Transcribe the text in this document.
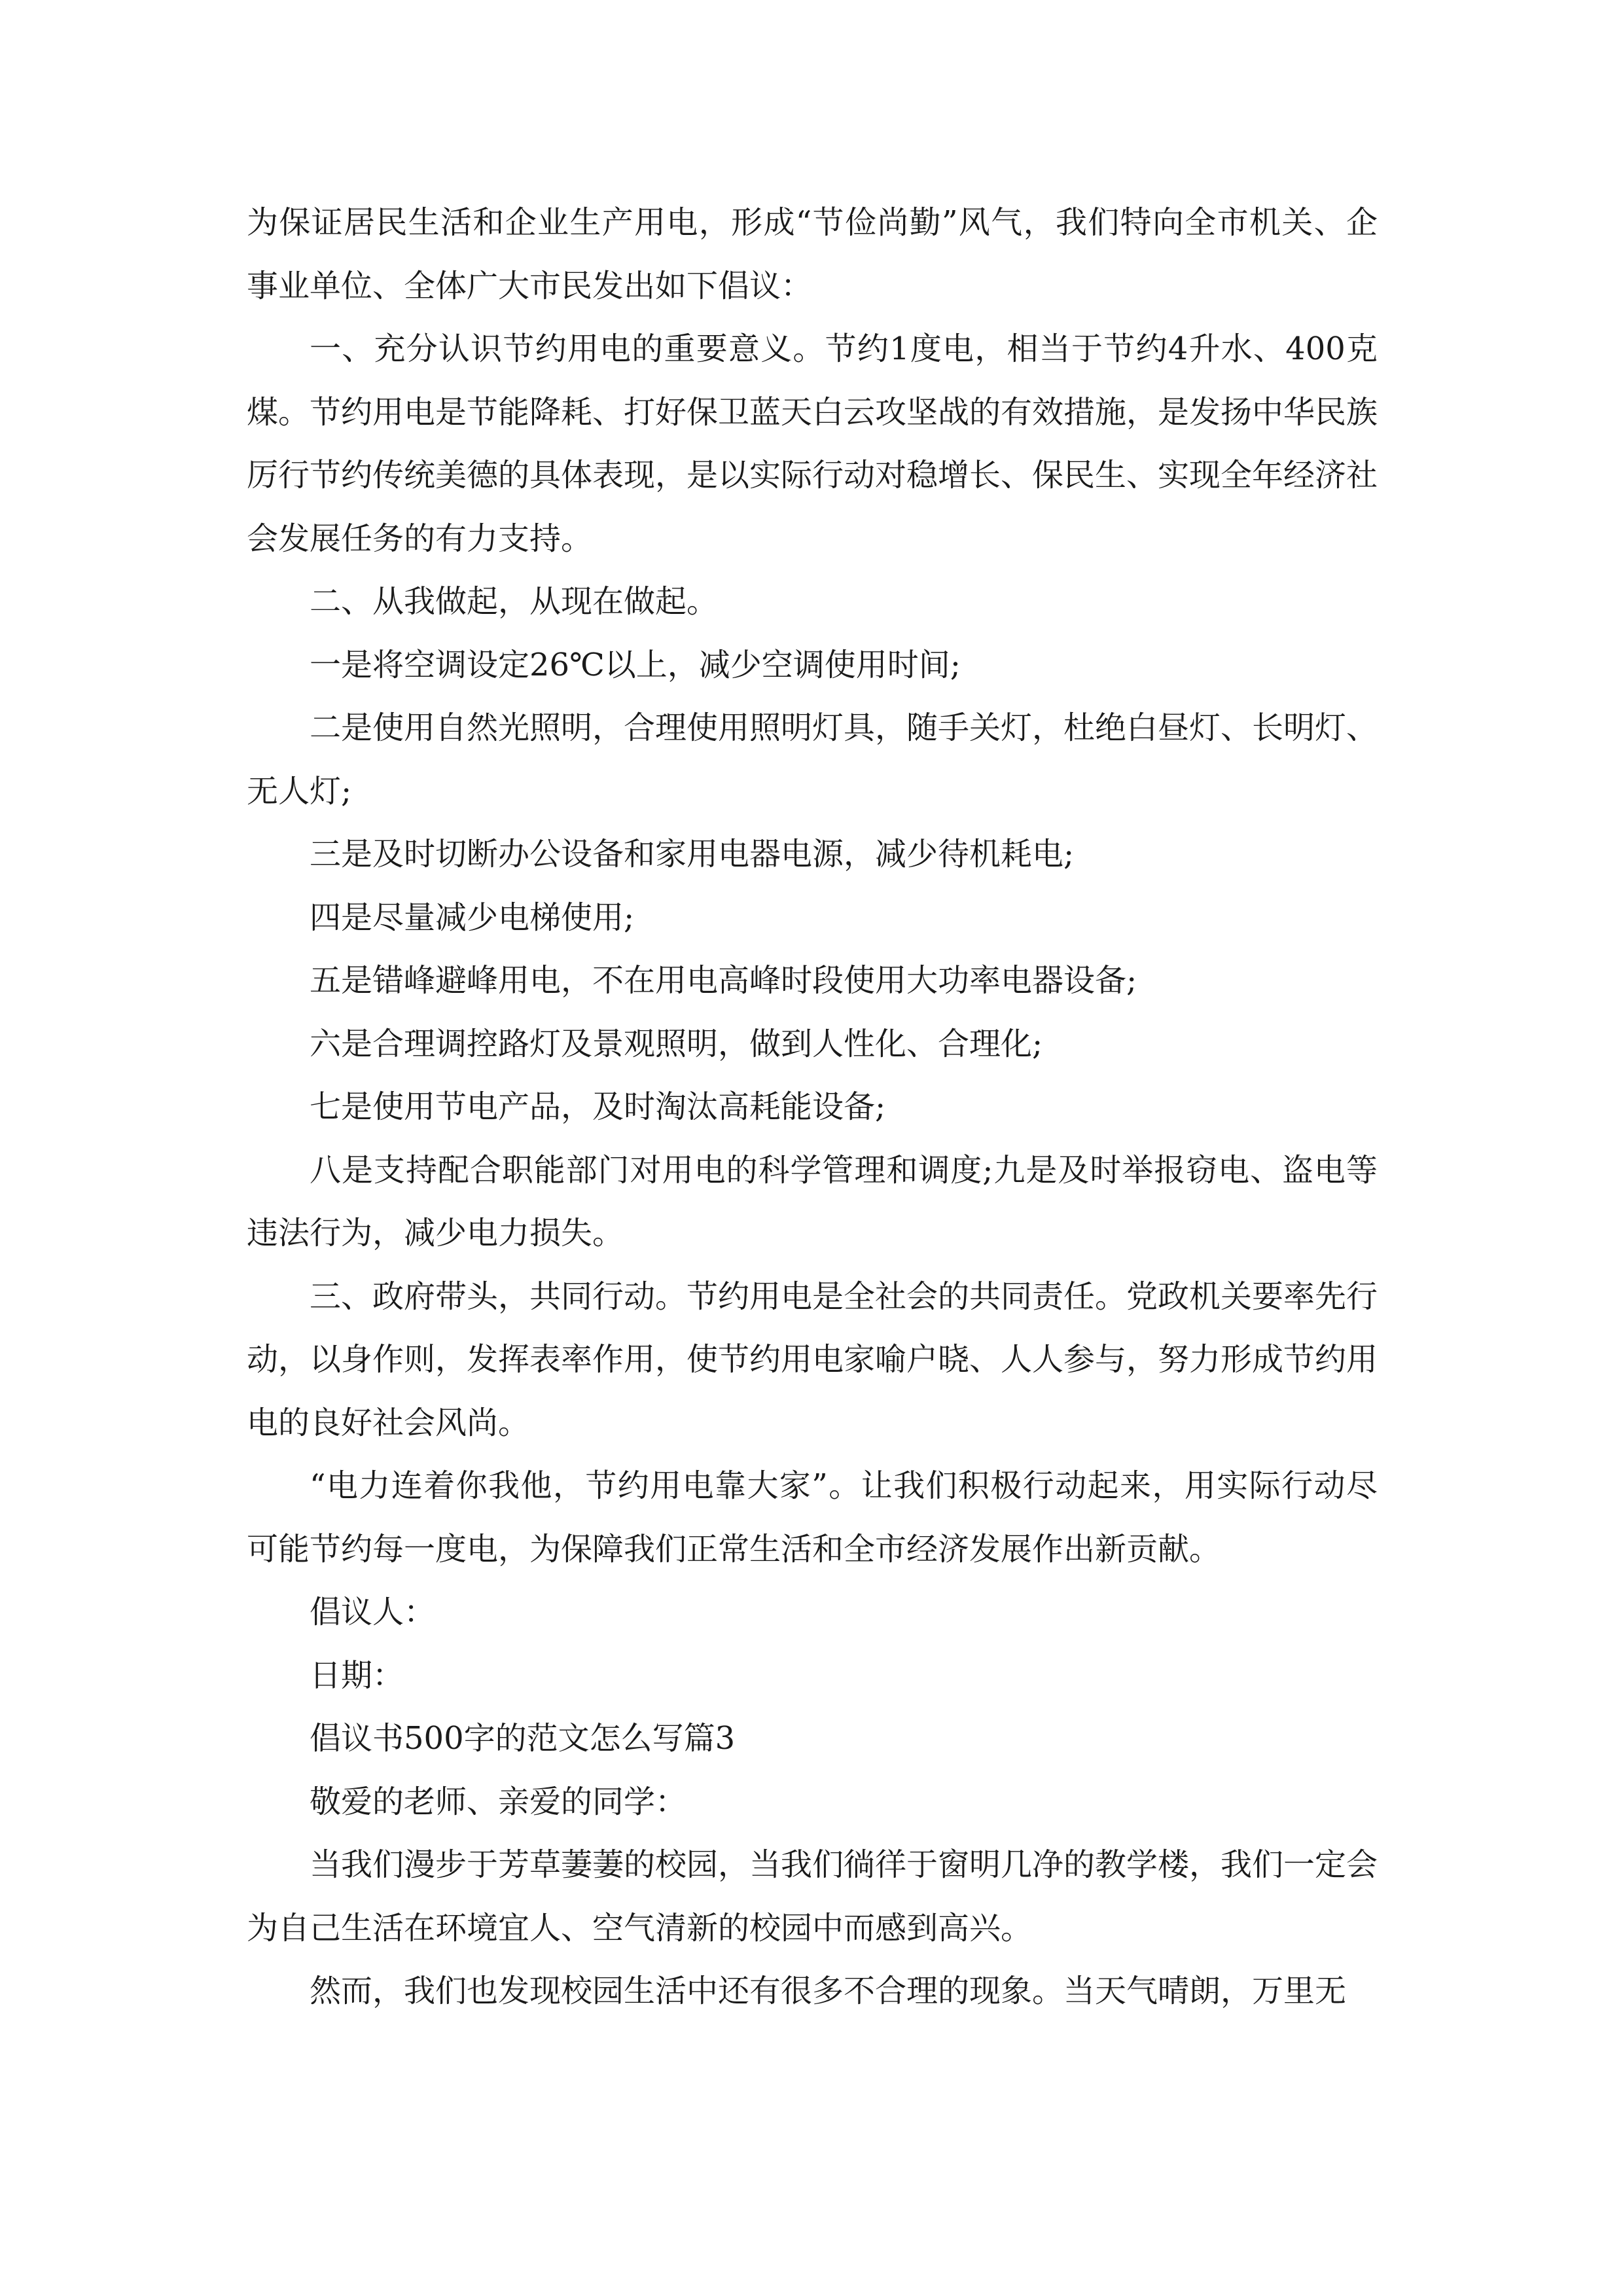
为保证居民生活和企业生产用电，形成“节俭尚勤”风气，我们特向全市机关、企事业单位、全体广大市民发出如下倡议：

一、充分认识节约用电的重要意义。节约1度电，相当于节约4升水、400克煤。节约用电是节能降耗、打好保卫蓝天白云攻坚战的有效措施，是发扬中华民族厉行节约传统美德的具体表现，是以实际行动对稳增长、保民生、实现全年经济社会发展任务的有力支持。

二、从我做起，从现在做起。

一是将空调设定26℃以上，减少空调使用时间;

二是使用自然光照明，合理使用照明灯具，随手关灯，杜绝白昼灯、长明灯、无人灯;

三是及时切断办公设备和家用电器电源，减少待机耗电;

四是尽量减少电梯使用;

五是错峰避峰用电，不在用电高峰时段使用大功率电器设备;

六是合理调控路灯及景观照明，做到人性化、合理化;

七是使用节电产品，及时淘汰高耗能设备;

八是支持配合职能部门对用电的科学管理和调度;九是及时举报窃电、盗电等违法行为，减少电力损失。

三、政府带头，共同行动。节约用电是全社会的共同责任。党政机关要率先行动，以身作则，发挥表率作用，使节约用电家喻户晓、人人参与，努力形成节约用电的良好社会风尚。

“电力连着你我他，节约用电靠大家”。让我们积极行动起来，用实际行动尽可能节约每一度电，为保障我们正常生活和全市经济发展作出新贡献。

倡议人：

日期：

倡议书500字的范文怎么写篇3

敬爱的老师、亲爱的同学：

当我们漫步于芳草萋萋的校园，当我们徜徉于窗明几净的教学楼，我们一定会为自己生活在环境宜人、空气清新的校园中而感到高兴。

然而，我们也发现校园生活中还有很多不合理的现象。当天气晴朗，万里无
